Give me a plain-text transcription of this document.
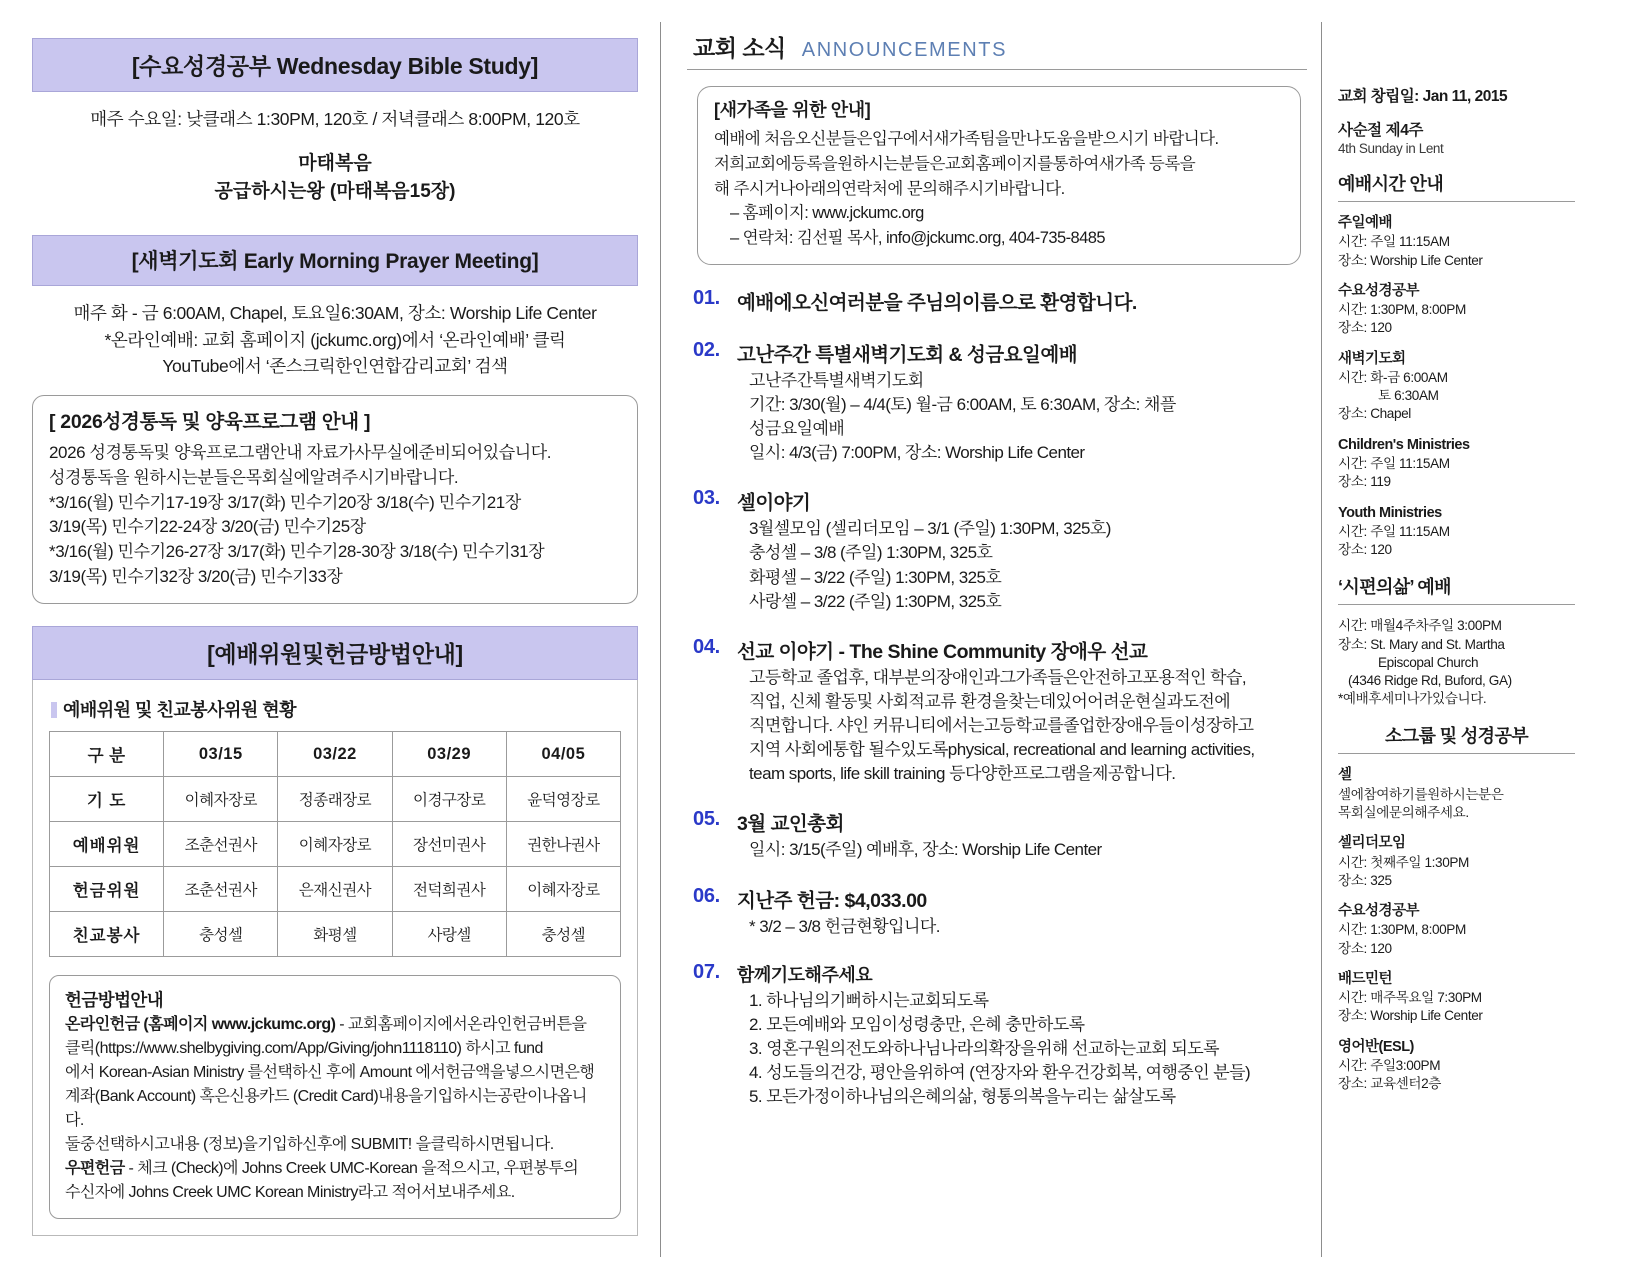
[수요성경공부 Wednesday Bible Study]
매주 수요일: 낮클래스 1:30PM, 120호 / 저녁클래스 8:00PM, 120호
마태복음
공급하시는왕 (마태복음15장)
[새벽기도회 Early Morning Prayer Meeting]
매주 화 - 금 6:00AM, Chapel, 토요일6:30AM, 장소: Worship Life Center
*온라인예배: 교회 홈페이지 (jckumc.org)에서 ‘온라인예배’ 클릭
YouTube에서 ‘존스크릭한인연합감리교회’ 검색
[ 2026성경통독 및 양육프로그램 안내 ]

2026 성경통독및 양육프로그램안내 자료가사무실에준비되어있습니다.

성경통독을 원하시는분들은목회실에알려주시기바랍니다.

*3/16(월) 민수기17-19장 3/17(화) 민수기20장 3/18(수) 민수기21장

3/19(목) 민수기22-24장 3/20(금) 민수기25장

*3/16(월) 민수기26-27장 3/17(화) 민수기28-30장 3/18(수) 민수기31장

3/19(목) 민수기32장 3/20(금) 민수기33장

[예배위원및헌금방법안내]
예배위원 및 친교봉사위원 현황
구 분	03/15	03/22	03/29	04/05
기 도	이혜자장로	정종래장로	이경구장로	윤덕영장로
예배위원	조춘선권사	이혜자장로	장선미권사	권한나권사
헌금위원	조춘선권사	은재신권사	전덕희권사	이혜자장로
친교봉사	충성셀	화평셀	사랑셀	충성셀
헌금방법안내
온라인헌금 (홈페이지 www.jckumc.org) - 교회홈페이지에서온라인헌금버튼을
클릭(https://www.shelbygiving.com/App/Giving/john1118110) 하시고 fund
에서 Korean-Asian Ministry 를선택하신 후에 Amount 에서헌금액을넣으시면은행
계좌(Bank Account) 혹은신용카드 (Credit Card)내용을기입하시는공란이나옵니다.
둘중선택하시고내용 (정보)을기입하신후에 SUBMIT! 을클릭하시면됩니다.
우편헌금 - 체크 (Check)에 Johns Creek UMC-Korean 을적으시고, 우편봉투의
수신자에 Johns Creek UMC Korean Ministry라고 적어서보내주세요.
교회 소식 ANNOUNCEMENTS
[새가족을 위한 안내]
예배에 처음오신분들은입구에서새가족팀을만나도움을받으시기 바랍니다.
저희교회에등록을원하시는분들은교회홈페이지를통하여새가족 등록을
해 주시거나아래의연락처에 문의해주시기바랍니다.
– 홈페이지: www.jckumc.org
– 연락처: 김선필 목사, info@jckumc.org, 404-735-8485
01. 예배에오신여러분을 주님의이름으로 환영합니다.
02. 고난주간 특별새벽기도회 & 성금요일예배
고난주간특별새벽기도회
기간: 3/30(월) – 4/4(토) 월-금 6:00AM, 토 6:30AM, 장소: 채플
성금요일예배
일시: 4/3(금) 7:00PM, 장소: Worship Life Center
03. 셀이야기
3월셀모임 (셀리더모임 – 3/1 (주일) 1:30PM, 325호)
충성셀 – 3/8 (주일) 1:30PM, 325호
화평셀 – 3/22 (주일) 1:30PM, 325호
사랑셀 – 3/22 (주일) 1:30PM, 325호
04. 선교 이야기 - The Shine Community 장애우 선교
고등학교 졸업후, 대부분의장애인과그가족들은안전하고포용적인 학습,
직업, 신체 활동및 사회적교류 환경을찾는데있어어려운현실과도전에
직면합니다. 샤인 커뮤니티에서는고등학교를졸업한장애우들이성장하고
지역 사회에통합 될수있도록physical, recreational and learning activities,
team sports, life skill training 등다양한프로그램을제공합니다.
05. 3월 교인총회
일시: 3/15(주일) 예배후, 장소: Worship Life Center
06. 지난주 헌금: $4,033.00
* 3/2 – 3/8 헌금현황입니다.
07. 함께기도해주세요
1. 하나님의기뻐하시는교회되도록
2. 모든예배와 모임이성령충만, 은혜 충만하도록
3. 영혼구원의전도와하나님나라의확장을위해 선교하는교회 되도록
4. 성도들의건강, 평안을위하여 (연장자와 환우건강회복, 여행중인 분들)
5. 모든가정이하나님의은혜의삶, 형통의복을누리는 삶살도록
교회 창립일: Jan 11, 2015
사순절 제4주
4th Sunday in Lent
예배시간 안내
주일예배
시간: 주일 11:15AM
장소: Worship Life Center
수요성경공부
시간: 1:30PM, 8:00PM
장소: 120
새벽기도회
시간: 화-금 6:00AM
토 6:30AM
장소: Chapel
Children's Ministries
시간: 주일 11:15AM
장소: 119
Youth Ministries
시간: 주일 11:15AM
장소: 120
‘시편의삶’ 예배
시간: 매월4주차주일 3:00PM
장소: St. Mary and St. Martha
Episcopal Church
(4346 Ridge Rd, Buford, GA)
*예배후세미나가있습니다.
소그룹 및 성경공부
셀
셀에참여하기를원하시는분은
목회실에문의해주세요.
셀리더모임
시간: 첫째주일 1:30PM
장소: 325
수요성경공부
시간: 1:30PM, 8:00PM
장소: 120
배드민턴
시간: 매주목요일 7:30PM
장소: Worship Life Center
영어반(ESL)
시간: 주일3:00PM
장소: 교육센터2층
